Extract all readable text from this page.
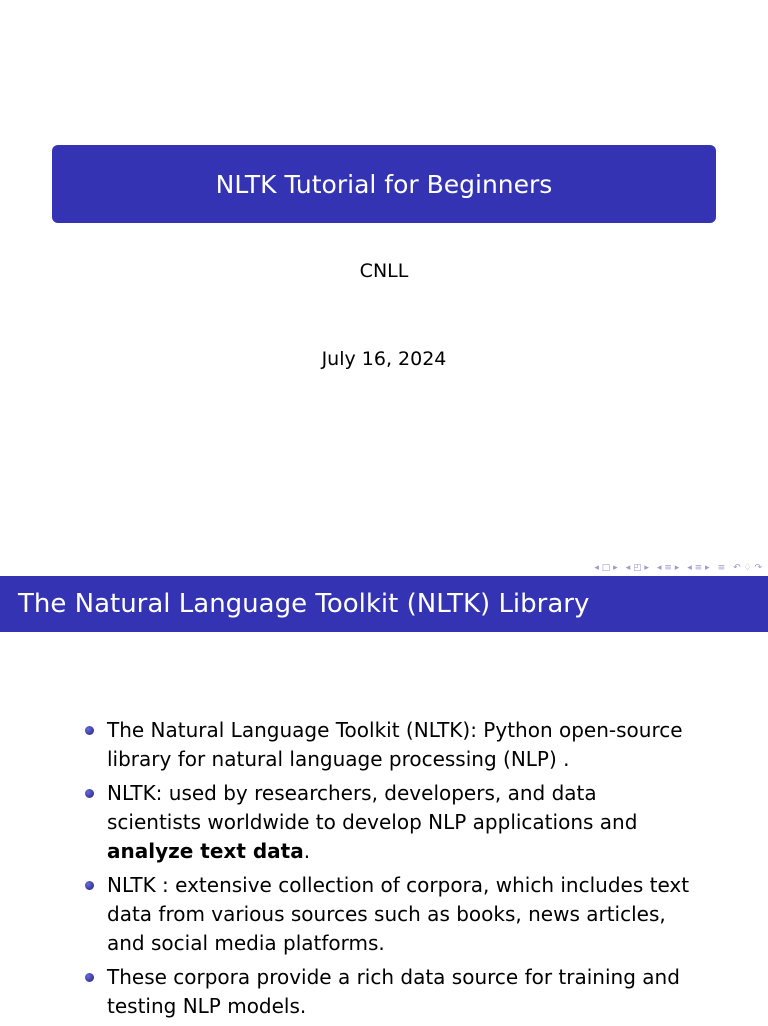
NLTK Tutorial for Beginners
CNLL
July 16, 2024
◂ □ ▸ ◂ ◰ ▸ ◂ ≡ ▸ ◂ ≡ ▸ ≡ ↶ ♢ ↷
The Natural Language Toolkit (NLTK) Library
The Natural Language Toolkit (NLTK): Python open-source library for natural language processing (NLP) .
NLTK: used by researchers, developers, and data scientists worldwide to develop NLP applications and analyze text data.
NLTK : extensive collection of corpora, which includes text data from various sources such as books, news articles, and social media platforms.
These corpora provide a rich data source for training and testing NLP models.
